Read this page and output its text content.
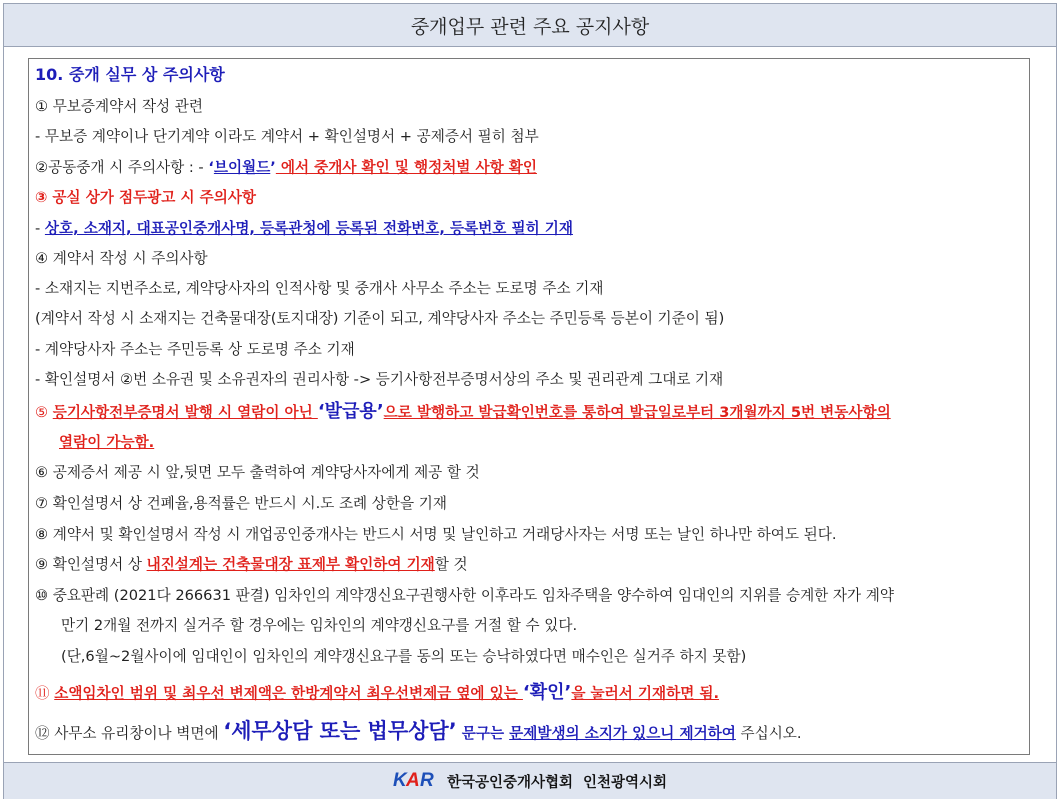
중개업무 관련 주요 공지사항
10. 중개 실무 상 주의사항
① 무보증계약서 작성 관련
- 무보증 계약이나 단기계약 이라도 계약서 + 확인설명서 + 공제증서 필히 첨부
②공동중개 시 주의사항 : - ‘브이월드’ 에서 중개사 확인 및 행정처벌 사항 확인
③ 공실 상가 점두광고 시 주의사항
- 상호, 소재지, 대표공인중개사명, 등록관청에 등록된 전화번호, 등록번호 필히 기재
④ 계약서 작성 시 주의사항
- 소재지는 지번주소로, 계약당사자의 인적사항 및 중개사 사무소 주소는 도로명 주소 기재
(계약서 작성 시 소재지는 건축물대장(토지대장) 기준이 되고, 계약당사자 주소는 주민등록 등본이 기준이 됨)
- 계약당사자 주소는 주민등록 상 도로명 주소 기재
- 확인설명서 ②번 소유권 및 소유권자의 권리사항 -> 등기사항전부증명서상의 주소 및 권리관계 그대로 기재
⑤ 등기사항전부증명서 발행 시 열람이 아닌 ‘발급용’으로 발행하고 발급확인번호를 통하여 발급일로부터 3개월까지 5번 변동사항의
열람이 가능함.
⑥ 공제증서 제공 시 앞,뒷면 모두 출력하여 계약당사자에게 제공 할 것
⑦ 확인설명서 상 건폐율,용적률은 반드시 시.도 조례 상한을 기재
⑧ 계약서 및 확인설명서 작성 시 개업공인중개사는 반드시 서명 및 날인하고 거래당사자는 서명 또는 날인 하나만 하여도 된다.
⑨ 확인설명서 상 내진설계는 건축물대장 표제부 확인하여 기재할 것
⑩ 중요판례 (2021다 266631 판결) 임차인의 계약갱신요구권행사한 이후라도 임차주택을 양수하여 임대인의 지위를 승계한 자가 계약
만기 2개월 전까지 실거주 할 경우에는 임차인의 계약갱신요구를 거절 할 수 있다.
(단,6월~2월사이에 임대인이 임차인의 계약갱신요구를 동의 또는 승낙하였다면 매수인은 실거주 하지 못함)
⑪ 소액임차인 범위 및 최우선 변제액은 한방계약서 최우선변제금 옆에 있는 ‘확인’을 눌러서 기재하면 됨.
⑫ 사무소 유리창이나 벽면에 ‘세무상담 또는 법무상담’ 문구는 문제발생의 소지가 있으니 제거하여 주십시오.
K A R 한국공인중개사협회 인천광역시회
